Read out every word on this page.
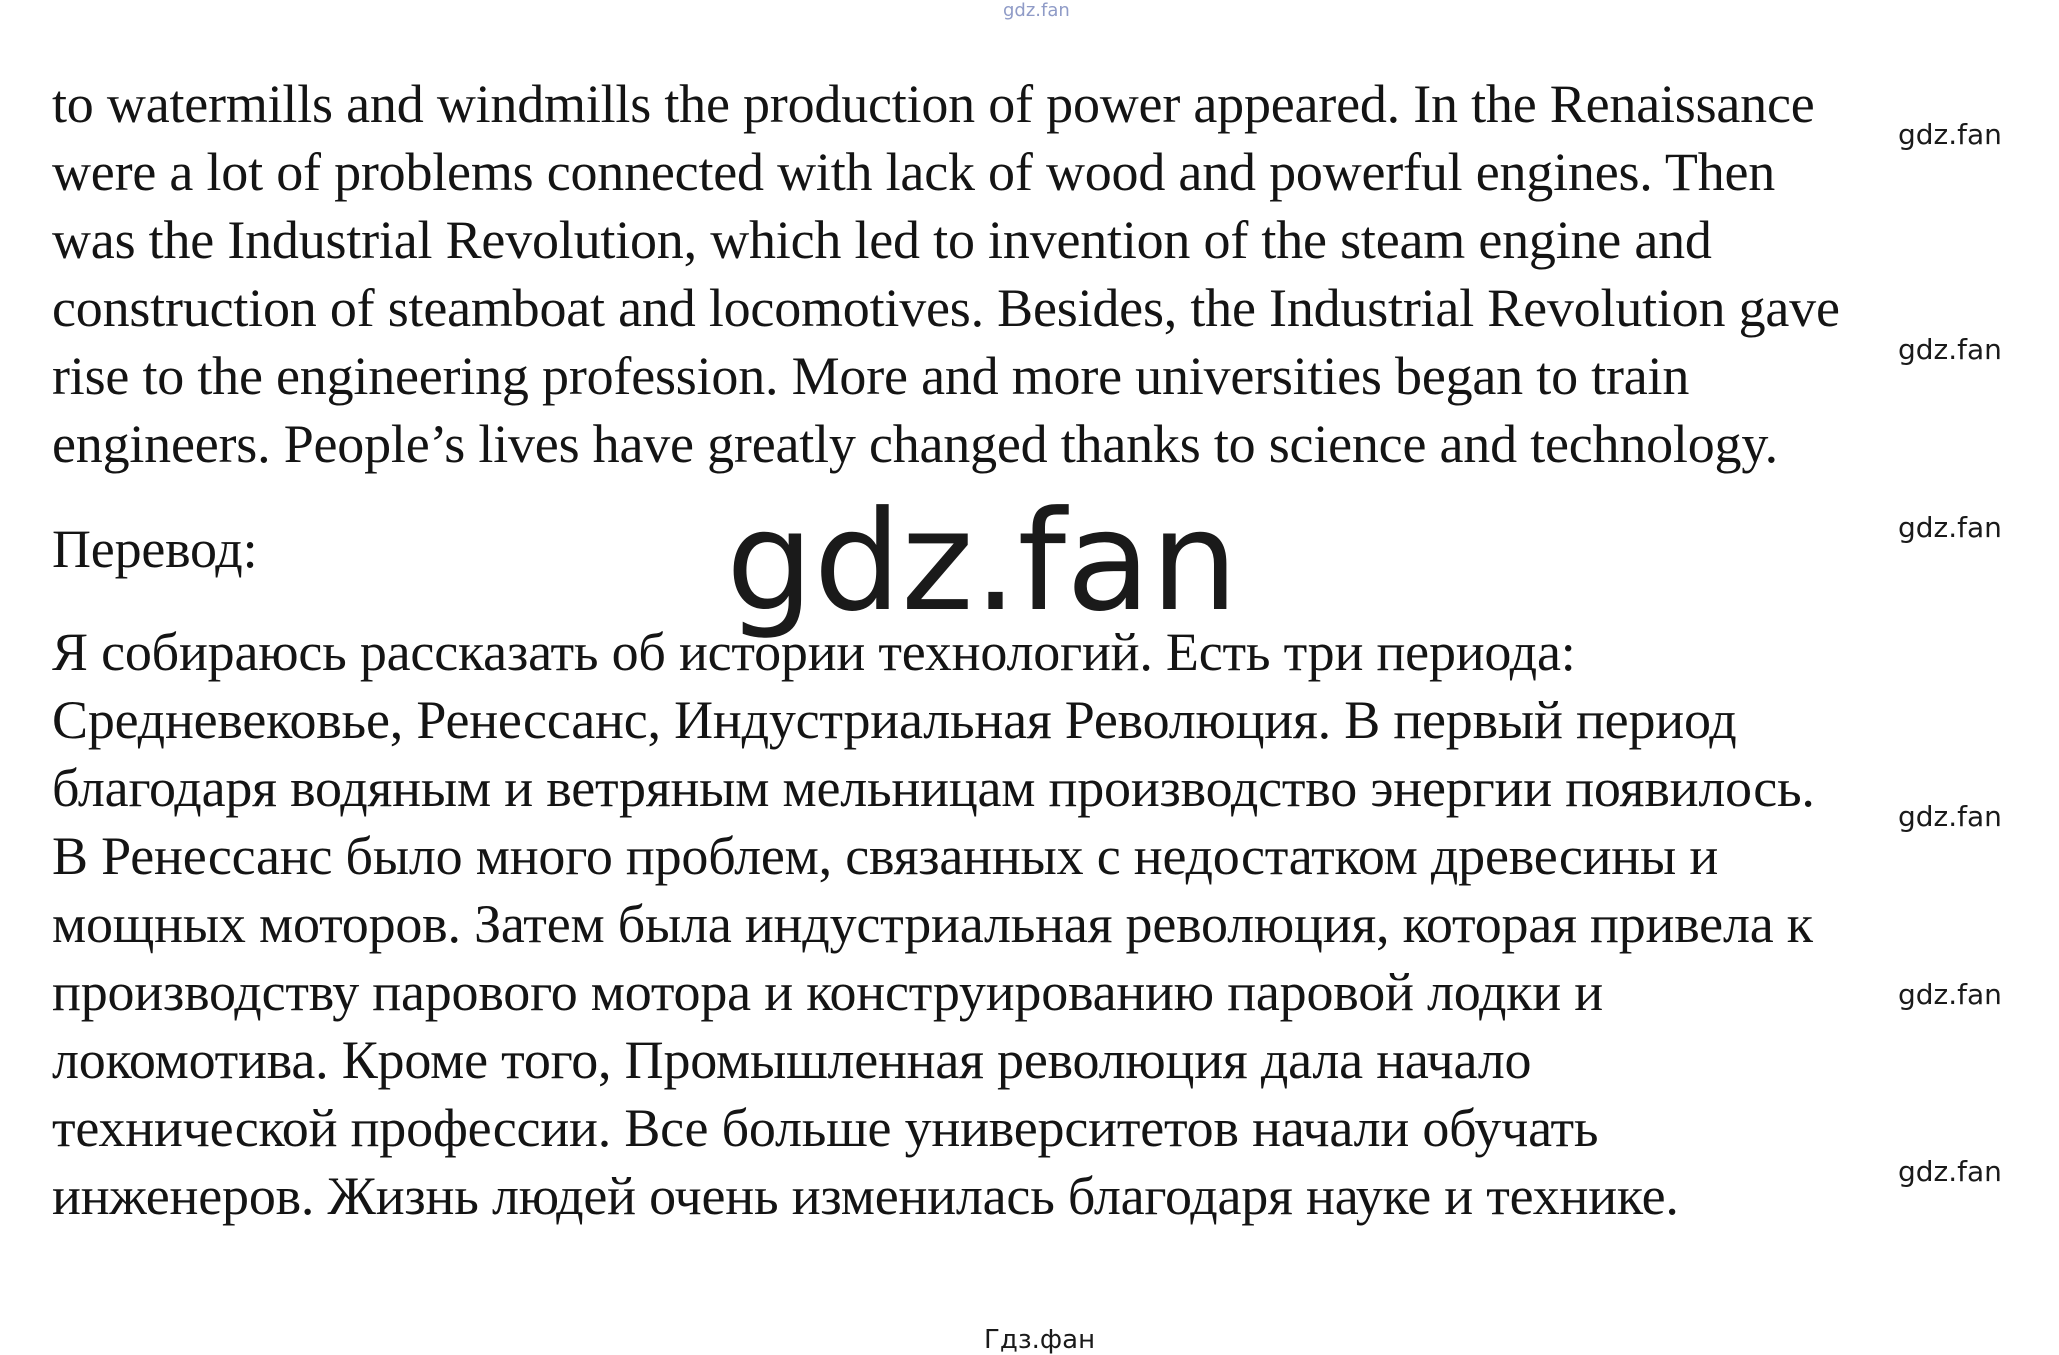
gdz.fan
to watermills and windmills the production of power appeared. In the Renaissance
were a lot of problems connected with lack of wood and powerful engines. Then
was the Industrial Revolution, which led to invention of the steam engine and
construction of steamboat and locomotives. Besides, the Industrial Revolution gave
rise to the engineering profession. More and more universities began to train
engineers. People’s lives have greatly changed thanks to science and technology.
Перевод:
Я собираюсь рассказать об истории технологий. Есть три периода:
Средневековье, Ренессанс, Индустриальная Революция. В первый период
благодаря водяным и ветряным мельницам производство энергии появилось.
В Ренессанс было много проблем, связанных с недостатком древесины и
мощных моторов. Затем была индустриальная революция, которая привела к
производству парового мотора и конструированию паровой лодки и
локомотива. Кроме того, Промышленная революция дала начало
технической профессии. Все больше университетов начали обучать
инженеров. Жизнь людей очень изменилась благодаря науке и технике.
gdz.fan
gdz.fan
gdz.fan
gdz.fan
gdz.fan
gdz.fan
gdz.fan
Гдз.фан
